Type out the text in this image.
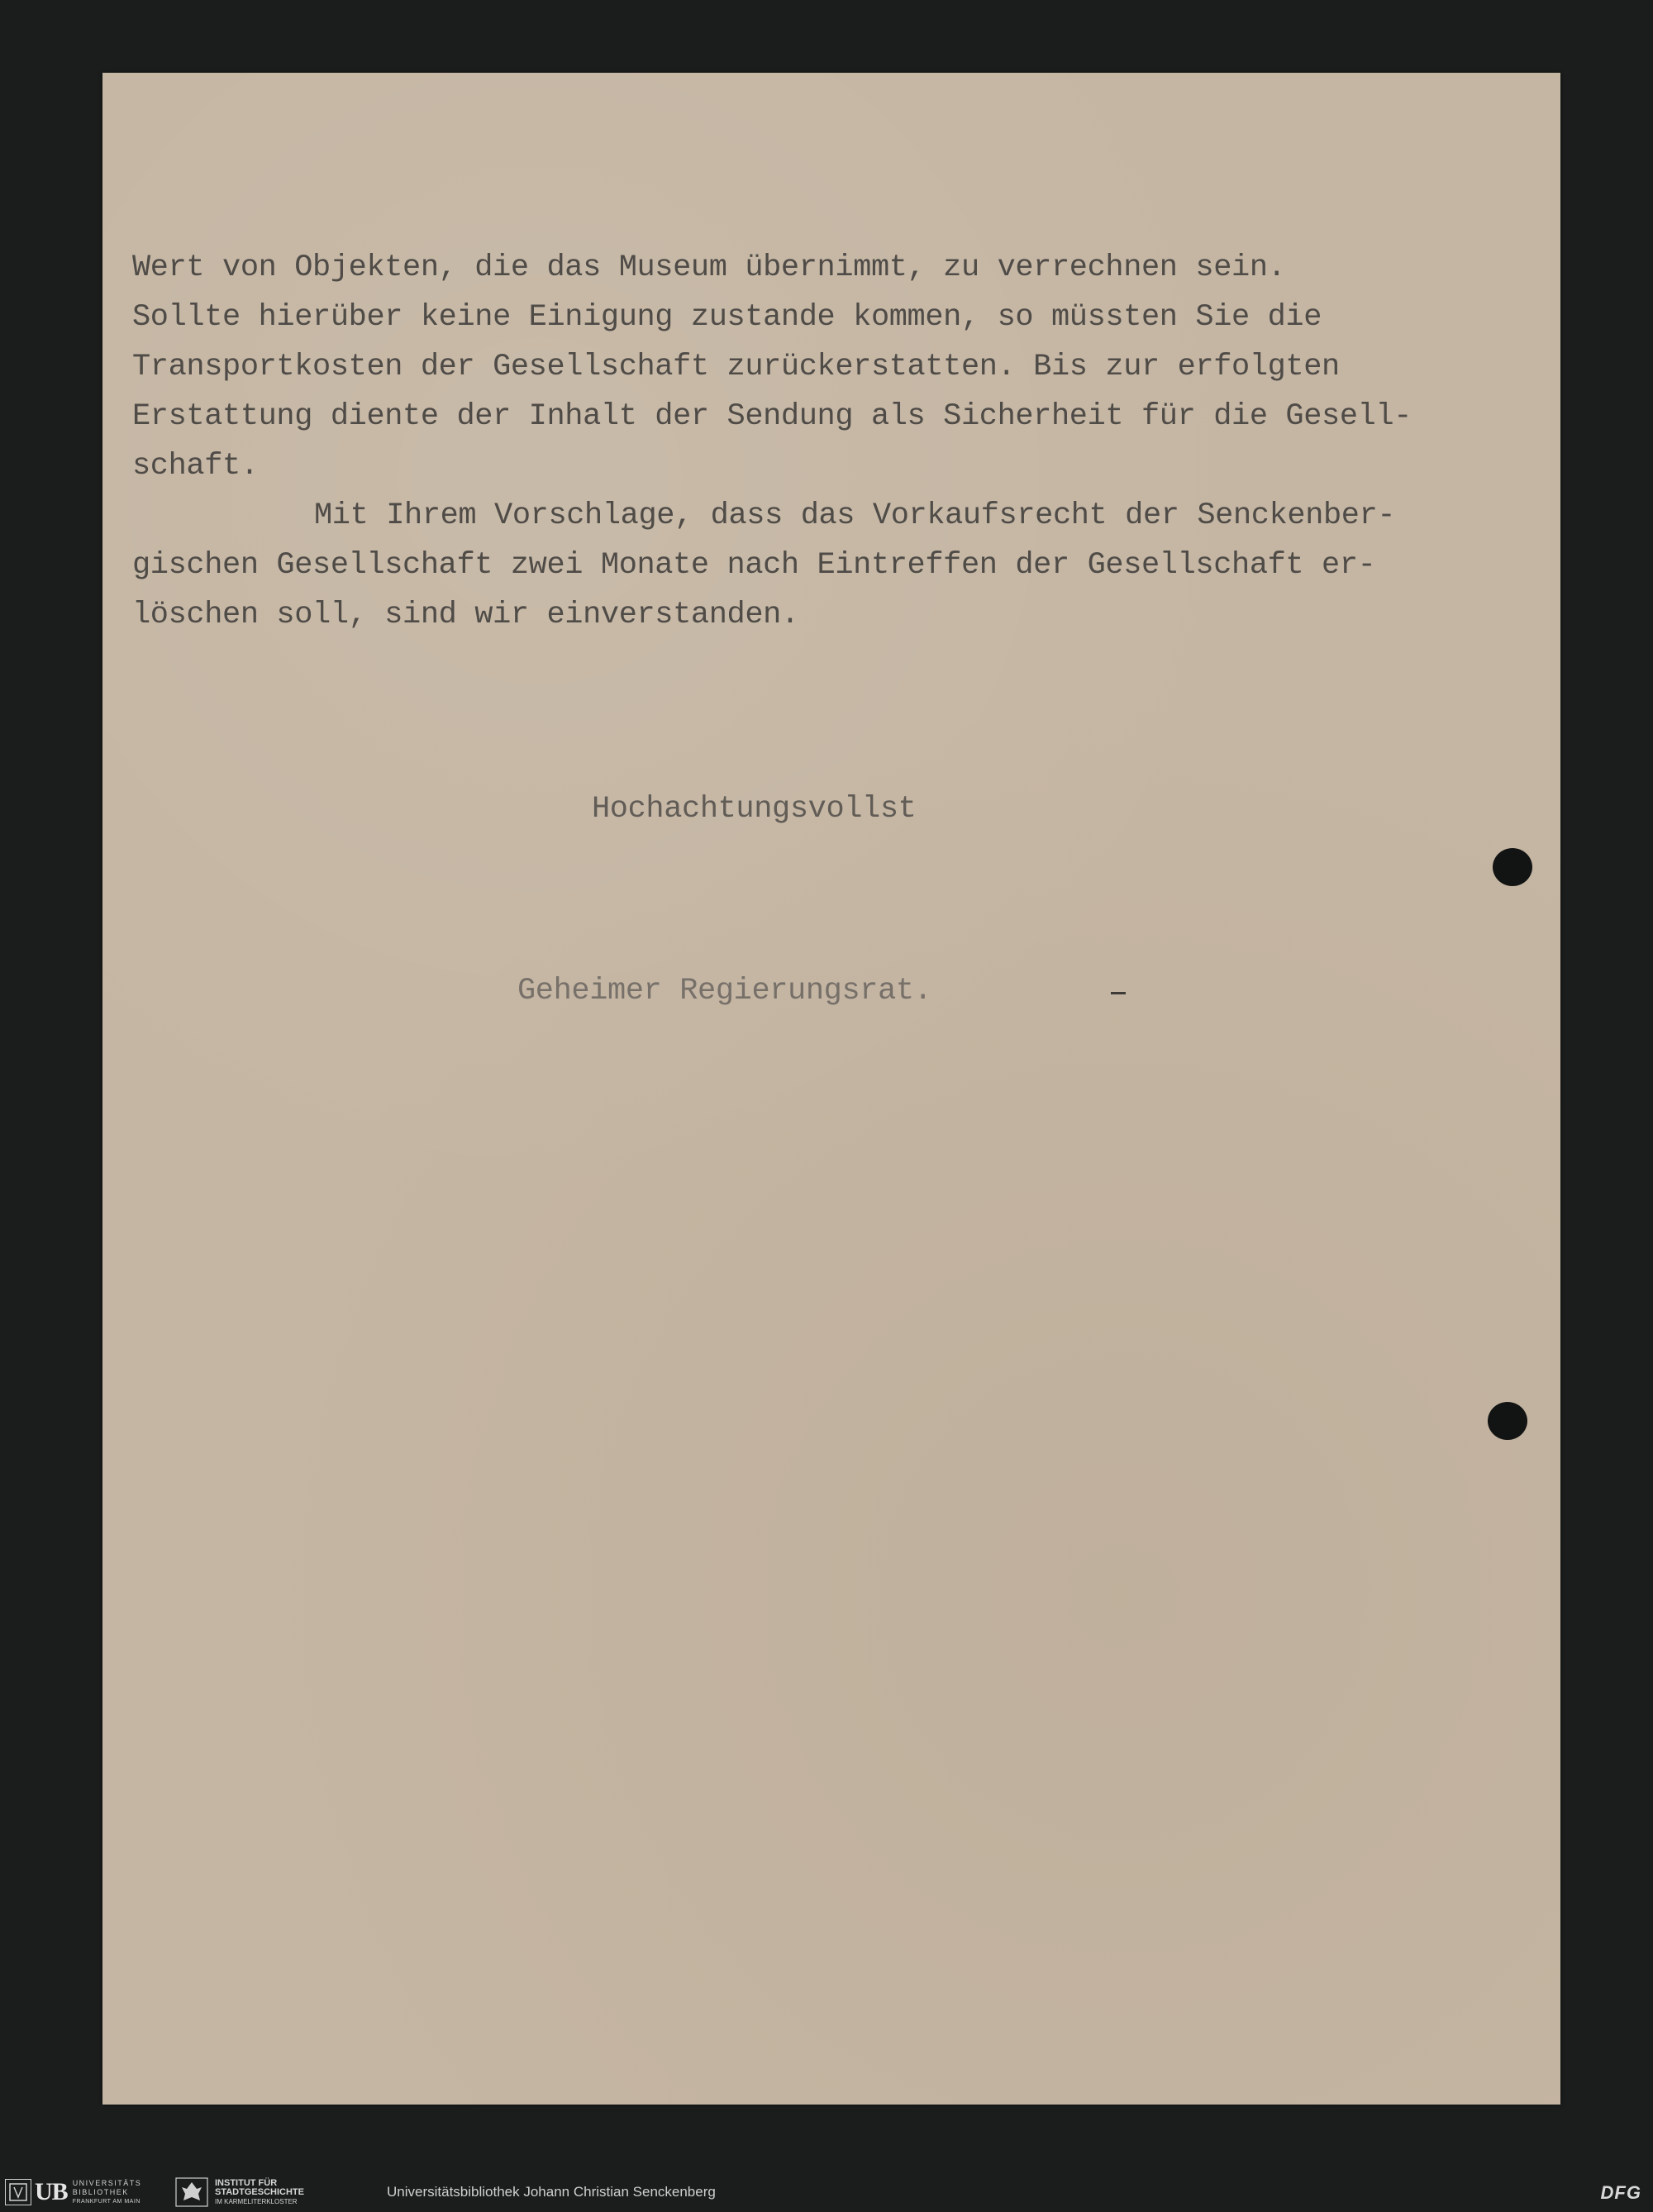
Wert von Objekten, die das Museum übernimmt, zu verrechnen sein.
Sollte hierüber keine Einigung zustande kommen, so müssten Sie die
Transportkosten der Gesellschaft zurückerstatten. Bis zur erfolgten
Erstattung diente der Inhalt der Sendung als Sicherheit für die Gesell-
schaft.
Mit Ihrem Vorschlage, dass das Vorkaufsrecht der Senckenber-
gischen Gesellschaft zwei Monate nach Eintreffen der Gesellschaft er-
löschen soll, sind wir einverstanden.
Hochachtungsvollst
Geheimer Regierungsrat.
UB UNIVERSITÄTS
BIBLIOTHEK
FRANKFURT AM MAIN
INSTITUT FÜR
STADTGESCHICHTE
IM KARMELITERKLOSTER
Universitätsbibliothek Johann Christian Senckenberg	DFG
